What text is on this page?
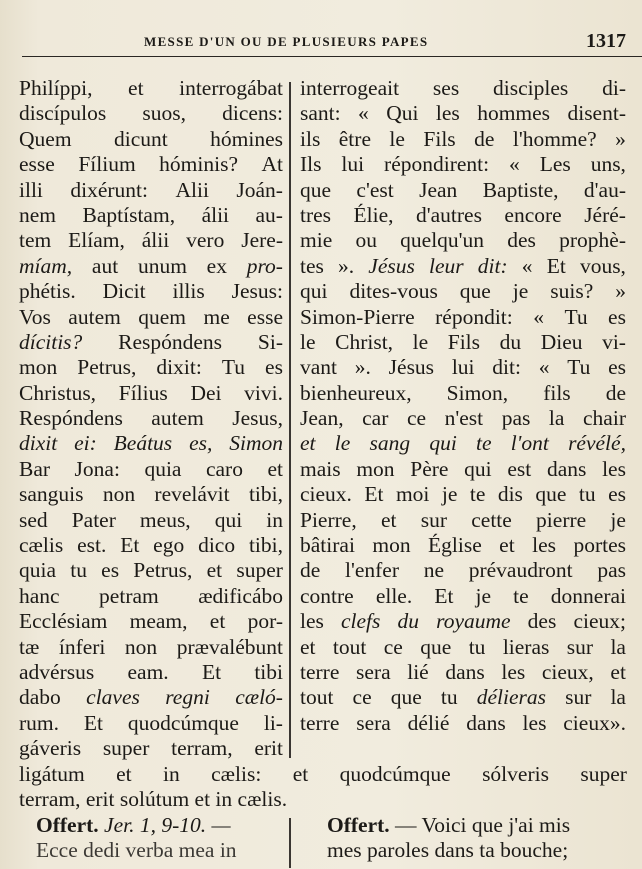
MESSE D'UN OU DE PLUSIEURS PAPES	1317
Philíppi, et interrogábat
discípulos suos, dicens:
Quem dicunt hómines
esse Fílium hóminis? At
illi dixérunt: Alii Joán-
nem Baptístam, álii au-
tem Elíam, álii vero Jere-
míam, aut unum ex pro-
phétis. Dicit illis Jesus:
Vos autem quem me esse
dícitis? Respóndens Si-
mon Petrus, dixit: Tu es
Christus, Fílius Dei vivi.
Respóndens autem Jesus,
dixit ei: Beátus es, Simon
Bar Jona: quia caro et
sanguis non revelávit tibi,
sed Pater meus, qui in
cælis est. Et ego dico tibi,
quia tu es Petrus, et super
hanc petram ædificábo
Ecclésiam meam, et por-
tæ ínferi non prævalébunt
advérsus eam. Et tibi
dabo claves regni cæló-
rum. Et quodcúmque li-
gáveris super terram, erit
interrogeait ses disciples di-
sant: « Qui les hommes disent-
ils être le Fils de l'homme? »
Ils lui répondirent: « Les uns,
que c'est Jean Baptiste, d'au-
tres Élie, d'autres encore Jéré-
mie ou quelqu'un des prophè-
tes ». Jésus leur dit: « Et vous,
qui dites-vous que je suis? »
Simon-Pierre répondit: « Tu es
le Christ, le Fils du Dieu vi-
vant ». Jésus lui dit: « Tu es
bienheureux, Simon, fils de
Jean, car ce n'est pas la chair
et le sang qui te l'ont révélé,
mais mon Père qui est dans les
cieux. Et moi je te dis que tu es
Pierre, et sur cette pierre je
bâtirai mon Église et les portes
de l'enfer ne prévaudront pas
contre elle. Et je te donnerai
les clefs du royaume des cieux;
et tout ce que tu lieras sur la
terre sera lié dans les cieux, et
tout ce que tu délieras sur la
terre sera délié dans les cieux».
ligátum et in cælis: et quodcúmque sólveris super
terram, erit solútum et in cælis.
Offert. Jer. 1, 9-10. —
Ecce dedi verba mea in
Offert. — Voici que j'ai mis
mes paroles dans ta bouche;
